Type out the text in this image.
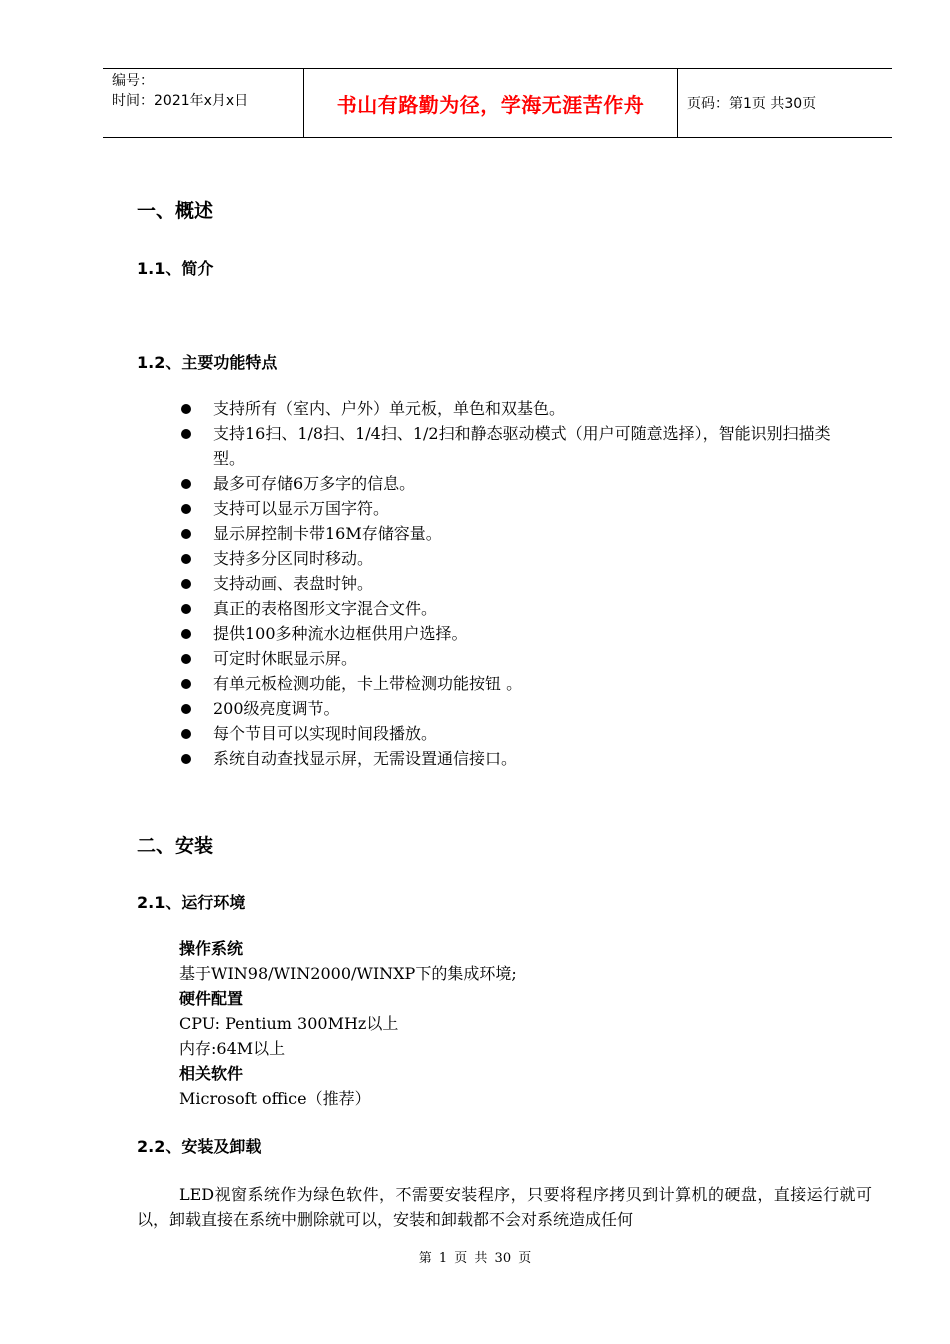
编号：
时间：2021年x月x日	书山有路勤为径，学海无涯苦作舟	页码：第1页 共30页
一、概述
1.1、简介
1.2、主要功能特点
支持所有（室内、户外）单元板，单色和双基色。
支持16扫、1/8扫、1/4扫、1/2扫和静态驱动模式（用户可随意选择），智能识别扫描类型。
最多可存储6万多字的信息。
支持可以显示万国字符。
显示屏控制卡带16M存储容量。
支持多分区同时移动。
支持动画、表盘时钟。
真正的表格图形文字混合文件。
提供100多种流水边框供用户选择。
可定时休眠显示屏。
有单元板检测功能，卡上带检测功能按钮 。
200级亮度调节。
每个节目可以实现时间段播放。
系统自动查找显示屏，无需设置通信接口。
二、安装
2.1、运行环境
操作系统
基于WIN98/WIN2000/WINXP下的集成环境;
硬件配置
CPU: Pentium 300MHz以上
内存:64M以上
相关软件
Microsoft office（推荐）
2.2、安装及卸载
LED视窗系统作为绿色软件，不需要安装程序，只要将程序拷贝到计算机的硬盘，直接运行就可以，卸载直接在系统中删除就可以，安装和卸载都不会对系统造成任何
第 1 页 共 30 页
